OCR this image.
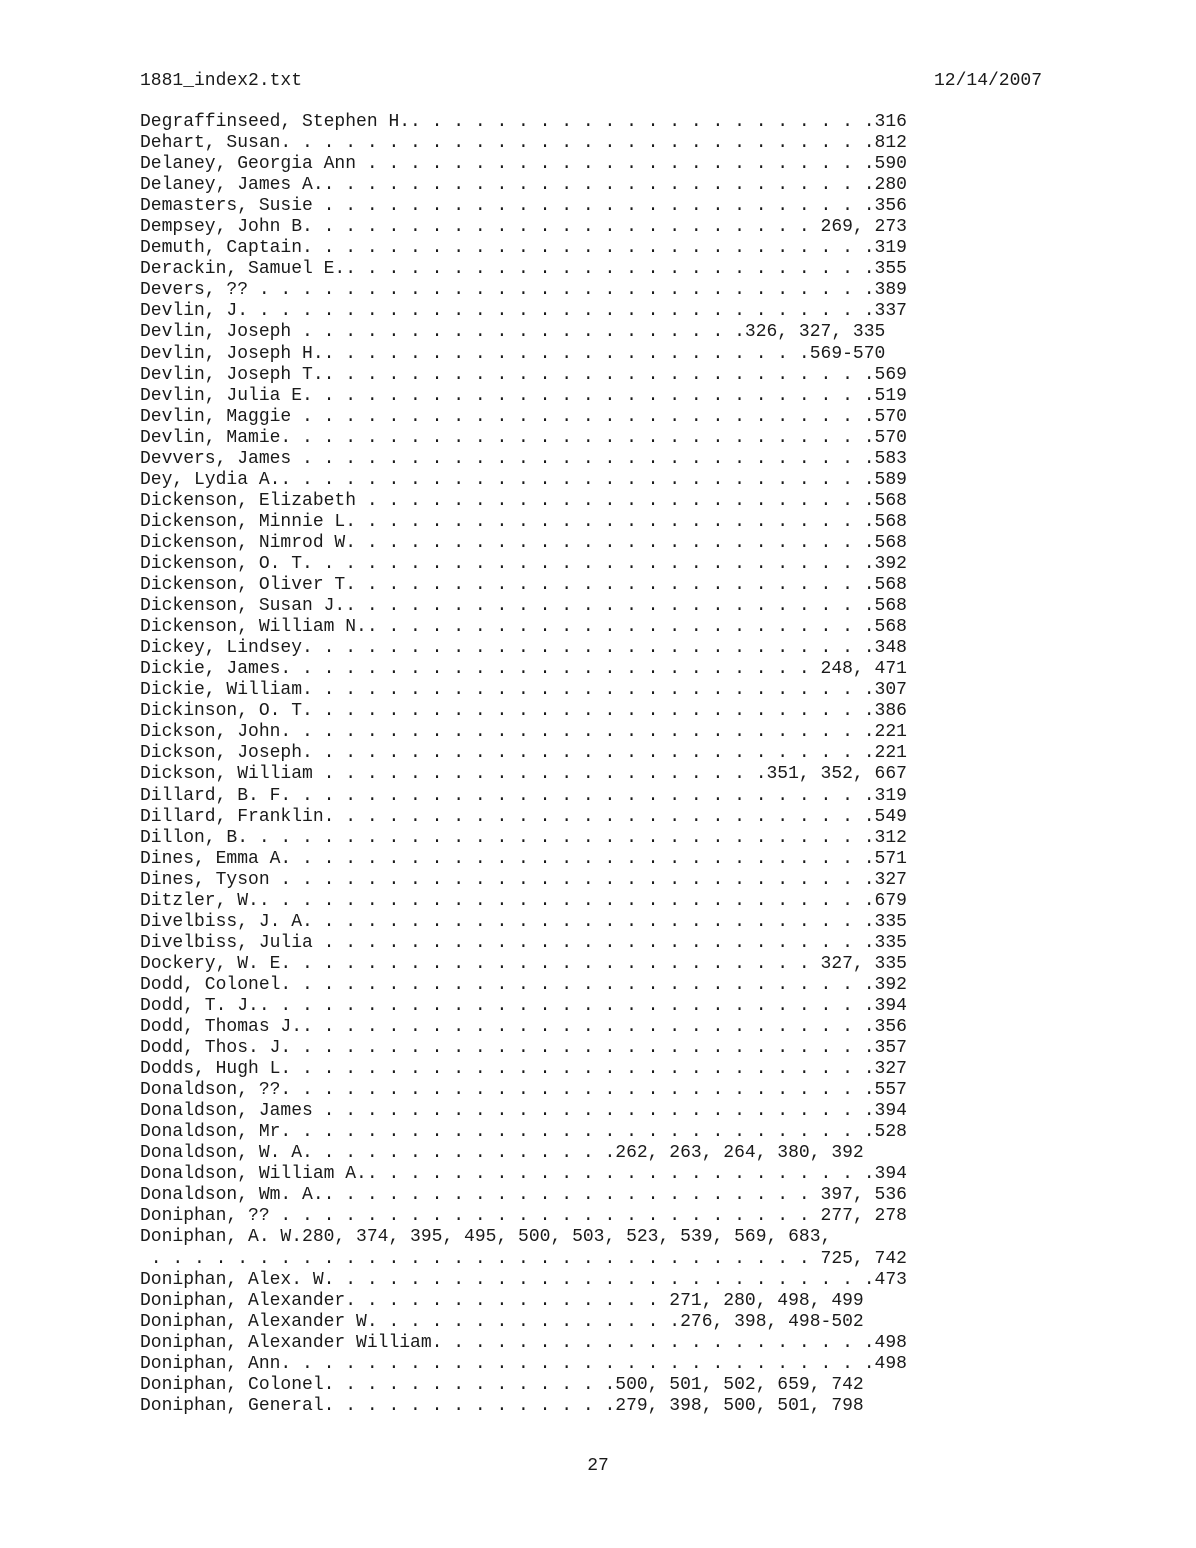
1881_index2.txt	12/14/2007
Degraffinseed, Stephen H.. . . . . . . . . . . . . . . . . . . . . .316
Dehart, Susan. . . . . . . . . . . . . . . . . . . . . . . . . . . .812
Delaney, Georgia Ann . . . . . . . . . . . . . . . . . . . . . . . .590
Delaney, James A.. . . . . . . . . . . . . . . . . . . . . . . . . .280
Demasters, Susie . . . . . . . . . . . . . . . . . . . . . . . . . .356
Dempsey, John B. . . . . . . . . . . . . . . . . . . . . . . . 269, 273
Demuth, Captain. . . . . . . . . . . . . . . . . . . . . . . . . . .319
Derackin, Samuel E.. . . . . . . . . . . . . . . . . . . . . . . . .355
Devers, ?? . . . . . . . . . . . . . . . . . . . . . . . . . . . . .389
Devlin, J. . . . . . . . . . . . . . . . . . . . . . . . . . . . . .337
Devlin, Joseph . . . . . . . . . . . . . . . . . . . . .326, 327, 335
Devlin, Joseph H.. . . . . . . . . . . . . . . . . . . . . . .569-570
Devlin, Joseph T.. . . . . . . . . . . . . . . . . . . . . . . . . .569
Devlin, Julia E. . . . . . . . . . . . . . . . . . . . . . . . . . .519
Devlin, Maggie . . . . . . . . . . . . . . . . . . . . . . . . . . .570
Devlin, Mamie. . . . . . . . . . . . . . . . . . . . . . . . . . . .570
Devvers, James . . . . . . . . . . . . . . . . . . . . . . . . . . .583
Dey, Lydia A.. . . . . . . . . . . . . . . . . . . . . . . . . . . .589
Dickenson, Elizabeth . . . . . . . . . . . . . . . . . . . . . . . .568
Dickenson, Minnie L. . . . . . . . . . . . . . . . . . . . . . . . .568
Dickenson, Nimrod W. . . . . . . . . . . . . . . . . . . . . . . . .568
Dickenson, O. T. . . . . . . . . . . . . . . . . . . . . . . . . . .392
Dickenson, Oliver T. . . . . . . . . . . . . . . . . . . . . . . . .568
Dickenson, Susan J.. . . . . . . . . . . . . . . . . . . . . . . . .568
Dickenson, William N.. . . . . . . . . . . . . . . . . . . . . . . .568
Dickey, Lindsey. . . . . . . . . . . . . . . . . . . . . . . . . . .348
Dickie, James. . . . . . . . . . . . . . . . . . . . . . . . . 248, 471
Dickie, William. . . . . . . . . . . . . . . . . . . . . . . . . . .307
Dickinson, O. T. . . . . . . . . . . . . . . . . . . . . . . . . . .386
Dickson, John. . . . . . . . . . . . . . . . . . . . . . . . . . . .221
Dickson, Joseph. . . . . . . . . . . . . . . . . . . . . . . . . . .221
Dickson, William . . . . . . . . . . . . . . . . . . . . .351, 352, 667
Dillard, B. F. . . . . . . . . . . . . . . . . . . . . . . . . . . .319
Dillard, Franklin. . . . . . . . . . . . . . . . . . . . . . . . . .549
Dillon, B. . . . . . . . . . . . . . . . . . . . . . . . . . . . . .312
Dines, Emma A. . . . . . . . . . . . . . . . . . . . . . . . . . . .571
Dines, Tyson . . . . . . . . . . . . . . . . . . . . . . . . . . . .327
Ditzler, W.. . . . . . . . . . . . . . . . . . . . . . . . . . . . .679
Divelbiss, J. A. . . . . . . . . . . . . . . . . . . . . . . . . . .335
Divelbiss, Julia . . . . . . . . . . . . . . . . . . . . . . . . . .335
Dockery, W. E. . . . . . . . . . . . . . . . . . . . . . . . . 327, 335
Dodd, Colonel. . . . . . . . . . . . . . . . . . . . . . . . . . . .392
Dodd, T. J.. . . . . . . . . . . . . . . . . . . . . . . . . . . . .394
Dodd, Thomas J.. . . . . . . . . . . . . . . . . . . . . . . . . . .356
Dodd, Thos. J. . . . . . . . . . . . . . . . . . . . . . . . . . . .357
Dodds, Hugh L. . . . . . . . . . . . . . . . . . . . . . . . . . . .327
Donaldson, ??. . . . . . . . . . . . . . . . . . . . . . . . . . . .557
Donaldson, James . . . . . . . . . . . . . . . . . . . . . . . . . .394
Donaldson, Mr. . . . . . . . . . . . . . . . . . . . . . . . . . . .528
Donaldson, W. A. . . . . . . . . . . . . . .262, 263, 264, 380, 392
Donaldson, William A.. . . . . . . . . . . . . . . . . . . . . . . .394
Donaldson, Wm. A.. . . . . . . . . . . . . . . . . . . . . . . 397, 536
Doniphan, ?? . . . . . . . . . . . . . . . . . . . . . . . . . 277, 278
Doniphan, A. W.280, 374, 395, 495, 500, 503, 523, 539, 569, 683,
. . . . . . . . . . . . . . . . . . . . . . . . . . . . . . . 725, 742
Doniphan, Alex. W. . . . . . . . . . . . . . . . . . . . . . . . . .473
Doniphan, Alexander. . . . . . . . . . . . . . . 271, 280, 498, 499
Doniphan, Alexander W. . . . . . . . . . . . . . .276, 398, 498-502
Doniphan, Alexander William. . . . . . . . . . . . . . . . . . . . .498
Doniphan, Ann. . . . . . . . . . . . . . . . . . . . . . . . . . . .498
Doniphan, Colonel. . . . . . . . . . . . . .500, 501, 502, 659, 742
Doniphan, General. . . . . . . . . . . . . .279, 398, 500, 501, 798
27
